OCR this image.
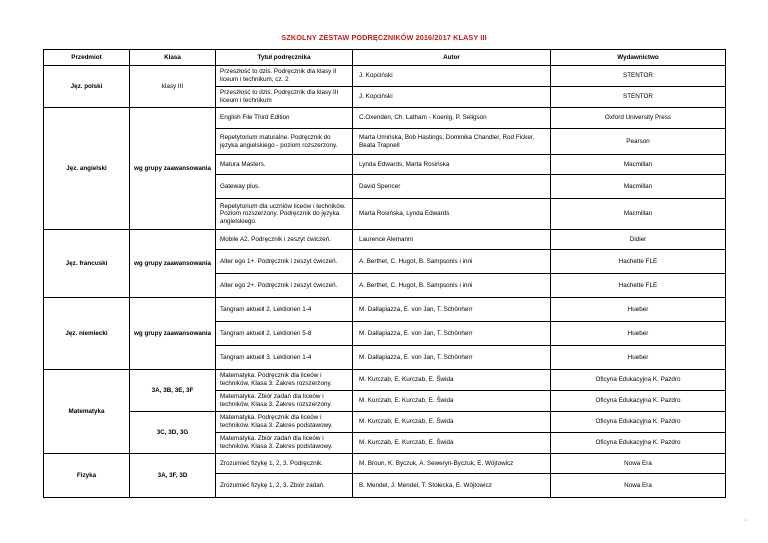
SZKOLNY ZESTAW PODRĘCZNIKÓW 2016/2017 KLASY III
Przedmiot	Klasa	Tytuł podręcznika	Autor	Wydawnictwo
Jęz. polski	klasy III	Przeszłość to dziś. Podręcznik dla klasy II liceum i technikum, cz. 2	J. Kopciński	STENTOR
		Przeszłość to dziś. Podręcznik dla klasy III liceum i technikum	J. Kopciński	STENTOR
Jęz. angielski	wg grupy zaawansowania	English File Third Edition	C.Oxenden, Ch. Latham - Koenig, P. Seligson	Oxford University Press
		Repetytorium maturalne. Podręcznik do języka angielskiego - poziom rozszerzony.	Marta Umińska, Bob Hastings, Dominika Chandler, Rod Ficker, Beata Trapnell	Pearson
		Matura Masters.	Lynda Edwards, Marta Rosińska	Macmillan
		Gateway plus.	David Spencer	Macmillan
		Repetytorium dla uczniów liceów i techników. Poziom rozszerzony. Podręcznik do języka angielskiego.	Marta Rosińska, Lynda Edwards	Macmillan
Jęz. francuski	wg grupy zaawansowania	Mobile A2. Podręcznik i zeszyt ćwiczeń.	Laurence Alemanni	Didier
		Alter ego 1+. Podręcznik i zeszyt ćwiczeń.	A. Berthet, C. Hugot, B. Sampsonis i inni	Hachette FLE
		Alter ego 2+. Podręcznik i zeszyt ćwiczeń.	A. Berthet, C. Hugot, B. Sampsonis i inni	Hachette FLE
Jęz. niemiecki	wg grupy zaawansowania	Tangram aktuell 2. Lektionen 1-4	M. Dallapiazza, E. von Jan, T. Schönherr	Hueber
		Tangram aktuell 2. Lektionen 5-8	M. Dallapiazza, E. von Jan, T. Schönherr	Hueber
		Tangram aktuell 3. Lektionen 1-4	M. Dallapiazza, E. von Jan, T. Schönherr	Hueber
Matematyka	3A, 3B, 3E, 3F	Matematyka. Podręcznik dla liceów i techników. Klasa 3. Zakres rozszerzony.	M. Kurczab, E. Kurczab, E. Świda	Oficyna Edukacyjna K. Pazdro
		Matematyka. Zbiór zadań dla liceów i techników. Klasa 3. Zakres rozszerzony.	M. Kurczab, E. Kurczab, E. Świda	Oficyna Edukacyjna K. Pazdro
	3C, 3D, 3G	Matematyka. Podręcznik dla liceów i techników. Klasa 3. Zakres podstawowy.	M. Kurczab, E. Kurczab, E. Świda	Oficyna Edukacyjna K. Pazdro
		Matematyka. Zbiór zadań dla liceów i techników. Klasa 3. Zakres podstawowy.	M. Kurczab, E. Kurczab, E. Świda	Oficyna Edukacyjna K. Pazdro
Fizyka	3A, 3F, 3D	Zrozumieć fizykę 1, 2, 3. Podręcznik.	M. Broun, K. Byczuk, A. Seweryn-Byczuk, E. Wójtowicz	Nowa Era
		Zrozumieć fizykę 1, 2, 3. Zbiór zadań.	B. Mendel, J. Mendel, T. Stołecka, E. Wójtowicz	Nowa Era
1
